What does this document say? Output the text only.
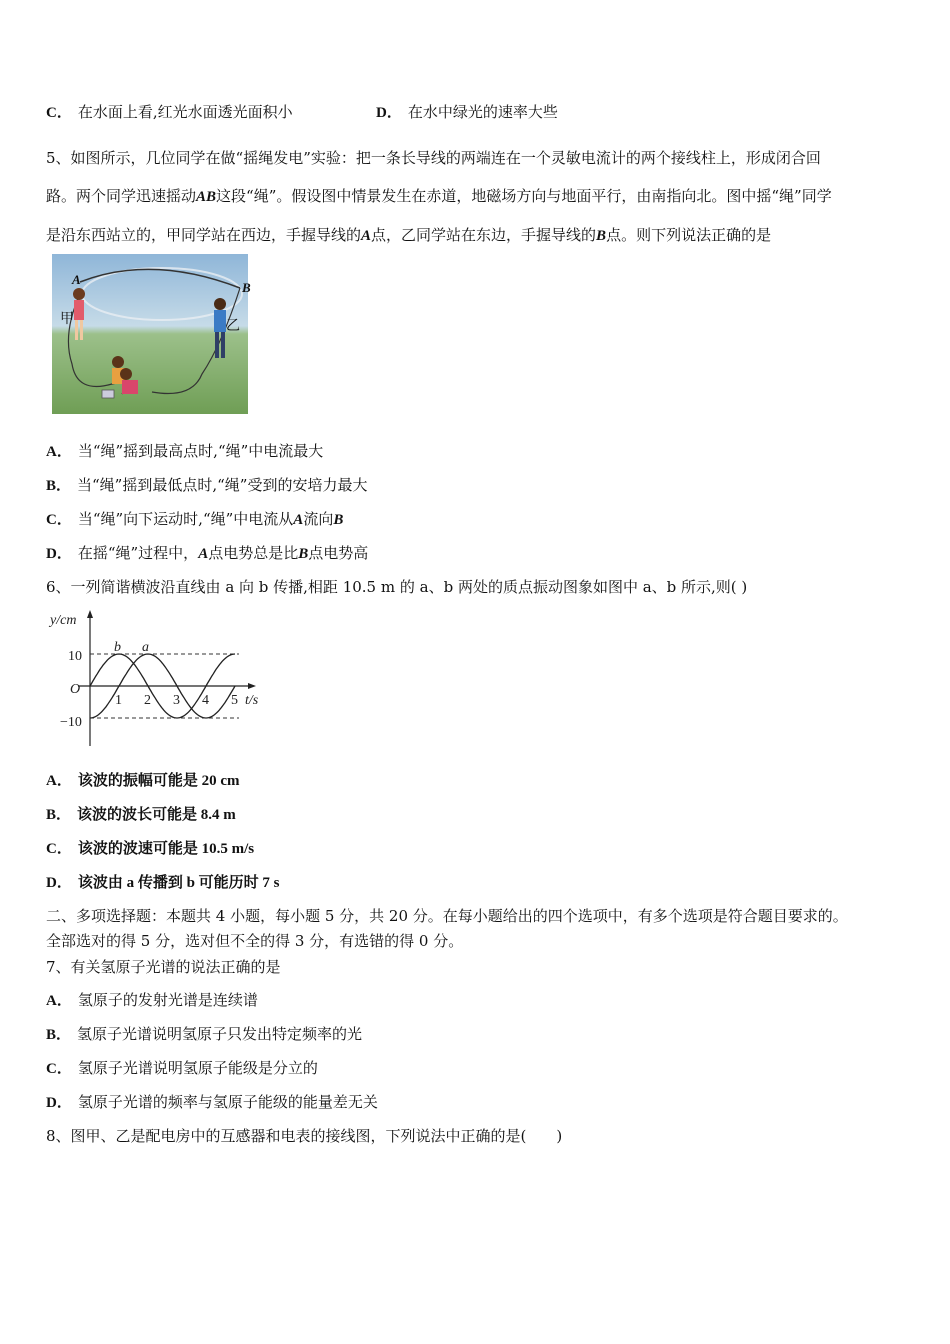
C． 在水面上看,红光水面透光面积小	D． 在水中绿光的速率大些
5、如图所示，几位同学在做“摇绳发电”实验：把一条长导线的两端连在一个灵敏电流计的两个接线柱上，形成闭合回
路。两个同学迅速摇动AB这段“绳”。假设图中情景发生在赤道，地磁场方向与地面平行，由南指向北。图中摇“绳”同学
是沿东西站立的，甲同学站在西边，手握导线的A点，乙同学站在东边，手握导线的B点。则下列说法正确的是
A
B
甲	乙
A． 当“绳”摇到最高点时,“绳”中电流最大
B． 当“绳”摇到最低点时,“绳”受到的安培力最大
C． 当“绳”向下运动时,“绳”中电流从A流向B
D． 在摇“绳”过程中，A点电势总是比B点电势高
6、一列简谐横波沿直线由 a 向 b 传播,相距 10.5 m 的 a、b 两处的质点振动图象如图中 a、b 所示,则( )
1 2 3 4 5
y/cm
t/s
O
10
−10
b a
A． 该波的振幅可能是 20 cm
B． 该波的波长可能是 8.4 m
C． 该波的波速可能是 10.5 m/s
D． 该波由 a 传播到 b 可能历时 7 s
二、多项选择题：本题共 4 小题，每小题 5 分，共 20 分。在每小题给出的四个选项中，有多个选项是符合题目要求的。
全部选对的得 5 分，选对但不全的得 3 分，有选错的得 0 分。
7、有关氢原子光谱的说法正确的是
A． 氢原子的发射光谱是连续谱
B． 氢原子光谱说明氢原子只发出特定频率的光
C． 氢原子光谱说明氢原子能级是分立的
D． 氢原子光谱的频率与氢原子能级的能量差无关
8、图甲、乙是配电房中的互感器和电表的接线图，下列说法中正确的是(　　)
